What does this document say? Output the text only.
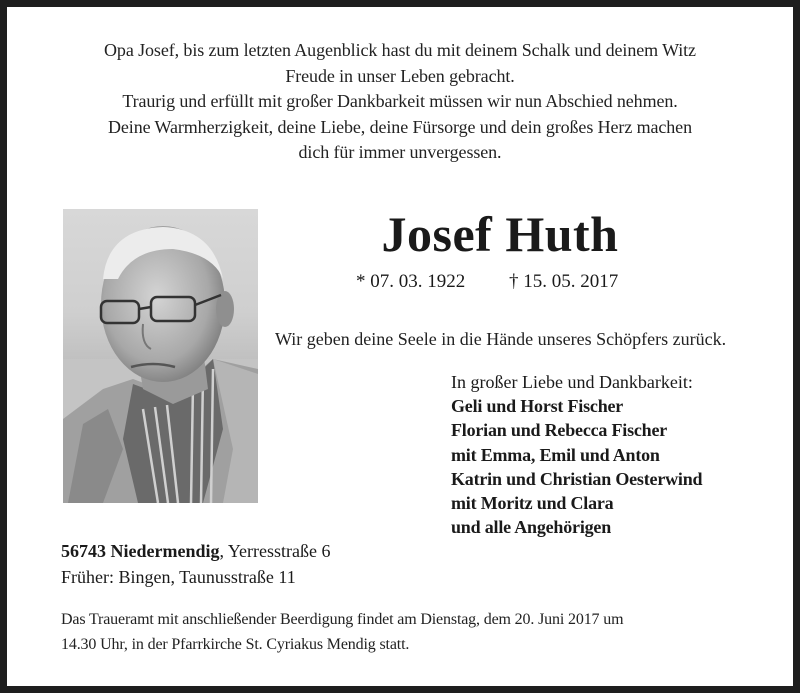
Opa Josef, bis zum letzten Augenblick hast du mit deinem Schalk und deinem Witz
Freude in unser Leben gebracht.
Traurig und erfüllt mit großer Dankbarkeit müssen wir nun Abschied nehmen.
Deine Warmherzigkeit, deine Liebe, deine Fürsorge und dein großes Herz machen
dich für immer unvergessen.
Josef Huth
* 07. 03. 1922 † 15. 05. 2017
Wir geben deine Seele in die Hände unseres Schöpfers zurück.
In großer Liebe und Dankbarkeit:
Geli und Horst Fischer
Florian und Rebecca Fischer
mit Emma, Emil und Anton
Katrin und Christian Oesterwind
mit Moritz und Clara
und alle Angehörigen
56743 Niedermendig, Yerresstraße 6
Früher: Bingen, Taunusstraße 11
Das Traueramt mit anschließender Beerdigung findet am Dienstag, dem 20. Juni 2017 um
14.30 Uhr, in der Pfarrkirche St. Cyriakus Mendig statt.
